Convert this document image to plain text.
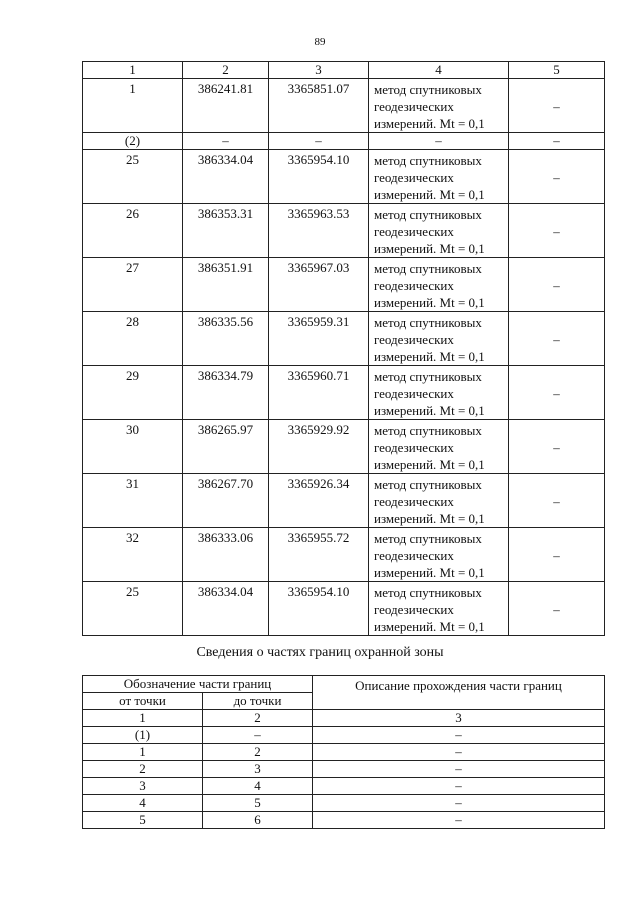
89
1	2	3	4	5
1	386241.81	3365851.07	метод спутниковых
геодезических
измерений. Mt = 0,1	–
(2)	–	–	–	–
25	386334.04	3365954.10	метод спутниковых
геодезических
измерений. Mt = 0,1	–
26	386353.31	3365963.53	метод спутниковых
геодезических
измерений. Mt = 0,1	–
27	386351.91	3365967.03	метод спутниковых
геодезических
измерений. Mt = 0,1	–
28	386335.56	3365959.31	метод спутниковых
геодезических
измерений. Mt = 0,1	–
29	386334.79	3365960.71	метод спутниковых
геодезических
измерений. Mt = 0,1	–
30	386265.97	3365929.92	метод спутниковых
геодезических
измерений. Mt = 0,1	–
31	386267.70	3365926.34	метод спутниковых
геодезических
измерений. Mt = 0,1	–
32	386333.06	3365955.72	метод спутниковых
геодезических
измерений. Mt = 0,1	–
25	386334.04	3365954.10	метод спутниковых
геодезических
измерений. Mt = 0,1	–
Сведения о частях границ охранной зоны
Обозначение части границ		Описание прохождения части границ
от точки	до точки	
1	2	3
(1)	–	–
1	2	–
2	3	–
3	4	–
4	5	–
5	6	–
